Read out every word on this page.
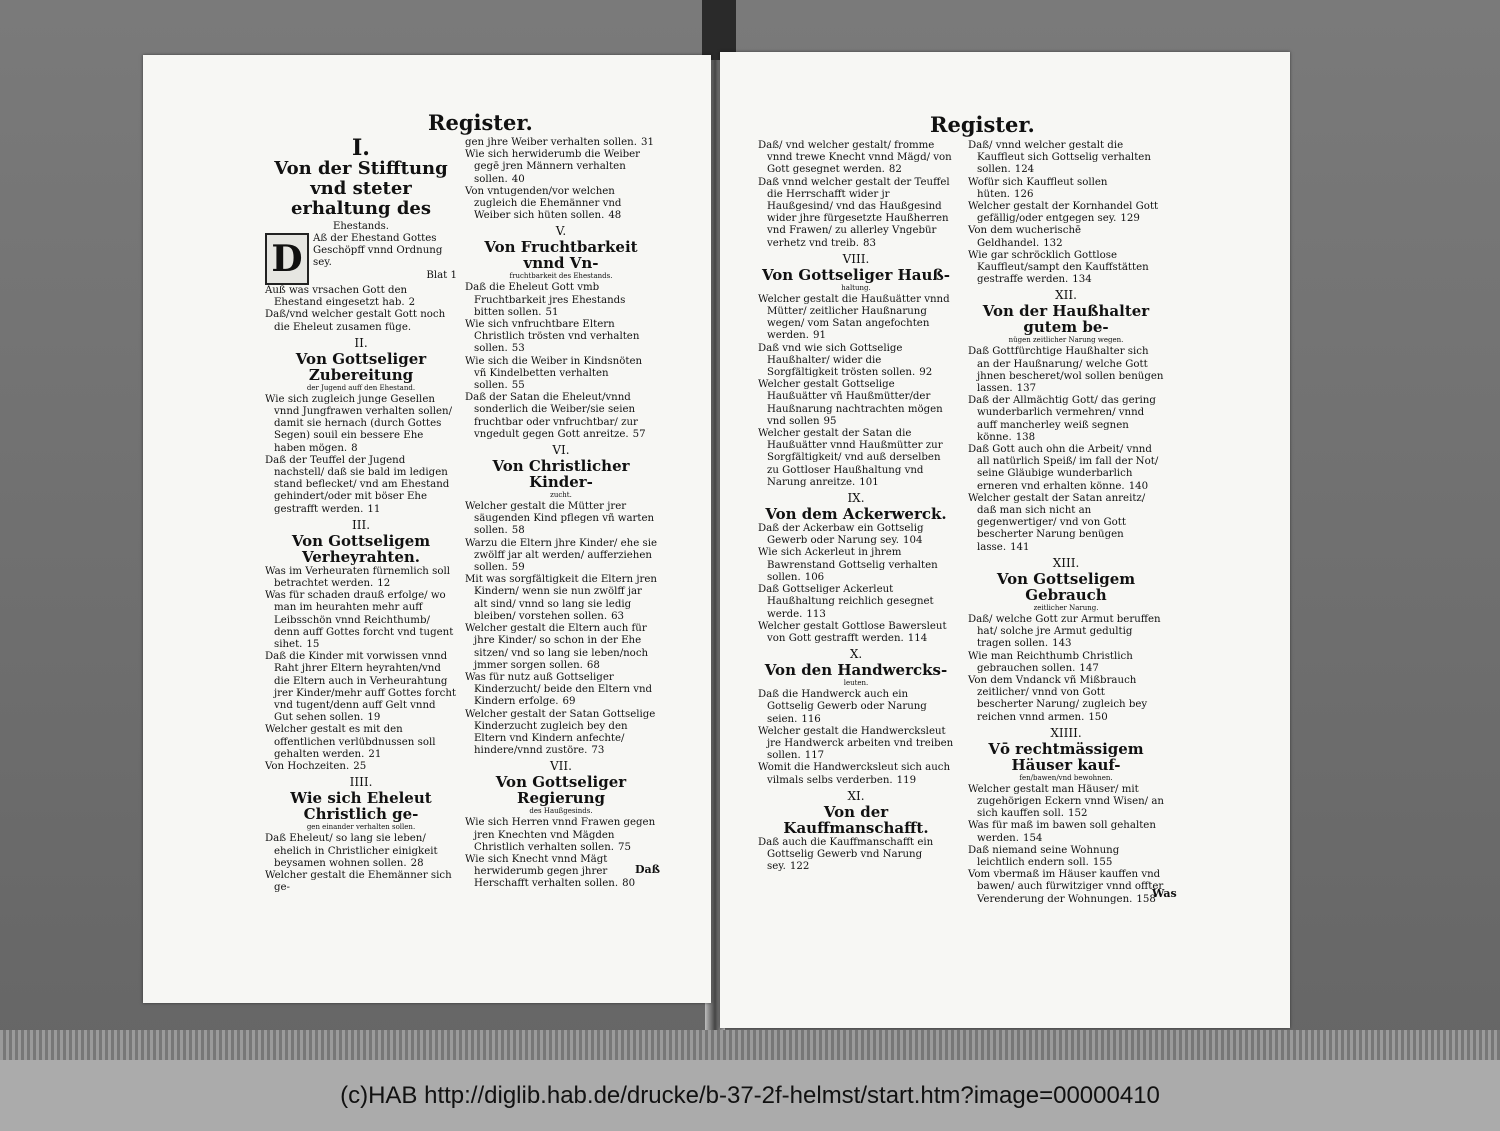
Register.
I.
Von der Stifftung vnd steter erhaltung des
Ehestands.
D	Aß der Ehestand Gottes Geschöpff vnnd Ordnung sey.

Blat 1

Auß was vrsachen Gott den Ehestand eingesetzt hab. 2

Daß/vnd welcher gestalt Gott noch die Eheleut zusamen füge.

II.
Von Gottseliger Zubereitung
der Jugend auff den Ehestand.

Wie sich zugleich junge Gesellen vnnd Jungfrawen verhalten sollen/ damit sie hernach (durch Gottes Segen) souil ein bessere Ehe haben mögen. 8

Daß der Teuffel der Jugend nachstell/ daß sie bald im ledigen stand beflecket/ vnd am Ehestand gehindert/oder mit böser Ehe gestrafft werden. 11

III.
Von Gottseligem Verheyrahten.

Was im Verheuraten fürnemlich soll betrachtet werden. 12

Was für schaden drauß erfolge/ wo man im heurahten mehr auff Leibsschön vnnd Reichthumb/ denn auff Gottes forcht vnd tugent sihet. 15

Daß die Kinder mit vorwissen vnnd Raht jhrer Eltern heyrahten/vnd die Eltern auch in Verheurahtung jrer Kinder/mehr auff Gottes forcht vnd tugent/denn auff Gelt vnnd Gut sehen sollen. 19

Welcher gestalt es mit den offentlichen verlübdnussen soll gehalten werden. 21

Von Hochzeiten. 25

IIII.
Wie sich Eheleut Christlich ge-
gen einander verhalten sollen.

Daß Eheleut/ so lang sie leben/ ehelich in Christlicher einigkeit beysamen wohnen sollen. 28

Welcher gestalt die Ehemänner sich ge-

gen jhre Weiber verhalten sollen. 31

Wie sich herwiderumb die Weiber gegē jren Männern verhalten sollen. 40

Von vntugenden/vor welchen zugleich die Ehemänner vnd Weiber sich hüten sollen. 48

V.
Von Fruchtbarkeit vnnd Vn-
fruchtbarkeit des Ehestands.

Daß die Eheleut Gott vmb Fruchtbarkeit jres Ehestands bitten sollen. 51

Wie sich vnfruchtbare Eltern Christlich trösten vnd verhalten sollen. 53

Wie sich die Weiber in Kindsnöten vñ Kindelbetten verhalten sollen. 55

Daß der Satan die Eheleut/vnnd sonderlich die Weiber/sie seien fruchtbar oder vnfruchtbar/ zur vngedult gegen Gott anreitze. 57

VI.
Von Christlicher Kinder-
zucht.

Welcher gestalt die Mütter jrer säugenden Kind pflegen vñ warten sollen. 58

Warzu die Eltern jhre Kinder/ ehe sie zwölff jar alt werden/ aufferziehen sollen. 59

Mit was sorgfältigkeit die Eltern jren Kindern/ wenn sie nun zwölff jar alt sind/ vnnd so lang sie ledig bleiben/ vorstehen sollen. 63

Welcher gestalt die Eltern auch für jhre Kinder/ so schon in der Ehe sitzen/ vnd so lang sie leben/noch jmmer sorgen sollen. 68

Was für nutz auß Gottseliger Kinderzucht/ beide den Eltern vnd Kindern erfolge. 69

Welcher gestalt der Satan Gottselige Kinderzucht zugleich bey den Eltern vnd Kindern anfechte/ hindere/vnnd zustöre. 73

VII.
Von Gottseliger Regierung
des Haußgesinds.

Wie sich Herren vnnd Frawen gegen jren Knechten vnd Mägden Christlich verhalten sollen. 75

Wie sich Knecht vnnd Mägt herwiderumb gegen jhrer Herschafft verhalten sollen. 80

Daß
Register.

Daß/ vnd welcher gestalt/ fromme vnnd trewe Knecht vnnd Mägd/ von Gott gesegnet werden. 82

Daß vnnd welcher gestalt der Teuffel die Herrschafft wider jr Haußgesind/ vnd das Haußgesind wider jhre fürgesetzte Haußherren vnd Frawen/ zu allerley Vngebür verhetz vnd treib. 83

VIII.
Von Gottseliger Hauß-
haltung.

Welcher gestalt die Haußuätter vnnd Mütter/ zeitlicher Haußnarung wegen/ vom Satan angefochten werden. 91

Daß vnd wie sich Gottselige Haußhalter/ wider die Sorgfältigkeit trösten sollen. 92

Welcher gestalt Gottselige Haußuätter vñ Haußmütter/der Haußnarung nachtrachten mögen vnd sollen 95

Welcher gestalt der Satan die Haußuätter vnnd Haußmütter zur Sorgfältigkeit/ vnd auß derselben zu Gottloser Haußhaltung vnd Narung anreitze. 101

IX.
Von dem Ackerwerck.

Daß der Ackerbaw ein Gottselig Gewerb oder Narung sey. 104

Wie sich Ackerleut in jhrem Bawrenstand Gottselig verhalten sollen. 106

Daß Gottseliger Ackerleut Haußhaltung reichlich gesegnet werde. 113

Welcher gestalt Gottlose Bawersleut von Gott gestrafft werden. 114

X.
Von den Handwercks-
leuten.

Daß die Handwerck auch ein Gottselig Gewerb oder Narung seien. 116

Welcher gestalt die Handwercksleut jre Handwerck arbeiten vnd treiben sollen. 117

Womit die Handwercksleut sich auch vilmals selbs verderben. 119

XI.
Von der Kauffmanschafft.

Daß auch die Kauffmanschafft ein Gottselig Gewerb vnd Narung sey. 122

Daß/ vnnd welcher gestalt die Kauffleut sich Gottselig verhalten sollen. 124

Wofür sich Kauffleut sollen hüten. 126

Welcher gestalt der Kornhandel Gott gefällig/oder entgegen sey. 129

Von dem wucherischē Geldhandel. 132

Wie gar schröcklich Gottlose Kauffleut/sampt den Kauffstätten gestraffe werden. 134

XII.
Von der Haußhalter gutem be-
nügen zeitlicher Narung wegen.

Daß Gottfürchtige Haußhalter sich an der Haußnarung/ welche Gott jhnen bescheret/wol sollen benügen lassen. 137

Daß der Allmächtig Gott/ das gering wunderbarlich vermehren/ vnnd auff mancherley weiß segnen könne. 138

Daß Gott auch ohn die Arbeit/ vnnd all natürlich Speiß/ im fall der Not/ seine Gläubige wunderbarlich erneren vnd erhalten könne. 140

Welcher gestalt der Satan anreitz/ daß man sich nicht an gegenwertiger/ vnd von Gott bescherter Narung benügen lasse. 141

XIII.
Von Gottseligem Gebrauch
zeitlicher Narung.

Daß/ welche Gott zur Armut beruffen hat/ solche jre Armut gedultig tragen sollen. 143

Wie man Reichthumb Christlich gebrauchen sollen. 147

Von dem Vndanck vñ Mißbrauch zeitlicher/ vnnd von Gott bescherter Narung/ zugleich bey reichen vnnd armen. 150

XIIII.
Vō rechtmässigem Häuser kauf-
fen/bawen/vnd bewohnen.

Welcher gestalt man Häuser/ mit zugehörigen Eckern vnnd Wisen/ an sich kauffen soll. 152

Was für maß im bawen soll gehalten werden. 154

Daß niemand seine Wohnung leichtlich endern soll. 155

Vom vbermaß im Häuser kauffen vnd bawen/ auch fürwitziger vnnd offter Verenderung der Wohnungen. 158

Was
(c)HAB http://diglib.hab.de/drucke/b-37-2f-helmst/start.htm?image=00000410
